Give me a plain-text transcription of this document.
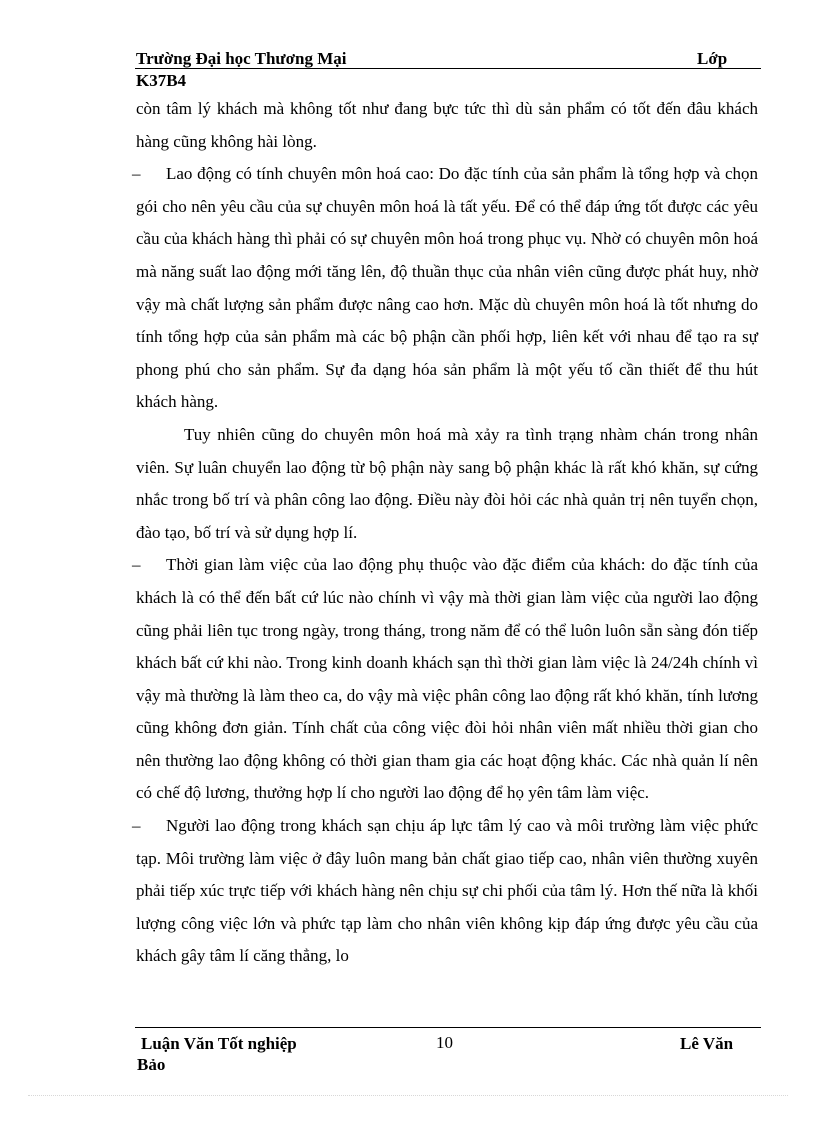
Trường Đại học Thương Mại	Lớp
K37B4

còn tâm lý khách mà không tốt như đang bực tức thì dù sản phẩm có tốt đến đâu khách hàng cũng không hài lòng.

– Lao động có tính chuyên môn hoá cao: Do đặc tính của sản phẩm là tổng hợp và chọn gói cho nên yêu cầu của sự chuyên môn hoá là tất yếu. Để có thể đáp ứng tốt được các yêu cầu của khách hàng thì phải có sự chuyên môn hoá trong phục vụ. Nhờ có chuyên môn hoá mà năng suất lao động mới tăng lên, độ thuần thục của nhân viên cũng được phát huy, nhờ vậy mà chất lượng sản phẩm được nâng cao hơn. Mặc dù chuyên môn hoá là tốt nhưng do tính tổng hợp của sản phẩm mà các bộ phận cần phối hợp, liên kết với nhau để tạo ra sự phong phú cho sản phẩm. Sự đa dạng hóa sản phẩm là một yếu tố cần thiết để thu hút khách hàng.

Tuy nhiên cũng do chuyên môn hoá mà xảy ra tình trạng nhàm chán trong nhân viên. Sự luân chuyển lao động từ bộ phận này sang bộ phận khác là rất khó khăn, sự cứng nhắc trong bố trí và phân công lao động. Điều này đòi hỏi các nhà quản trị nên tuyển chọn, đào tạo, bố trí và sử dụng hợp lí.

– Thời gian làm việc của lao động phụ thuộc vào đặc điểm của khách: do đặc tính của khách là có thể đến bất cứ lúc nào chính vì vậy mà thời gian làm việc của người lao động cũng phải liên tục trong ngày, trong tháng, trong năm để có thể luôn luôn sẵn sàng đón tiếp khách bất cứ khi nào. Trong kinh doanh khách sạn thì thời gian làm việc là 24/24h chính vì vậy mà thường là làm theo ca, do vậy mà việc phân công lao động rất khó khăn, tính lương cũng không đơn giản. Tính chất của công việc đòi hỏi nhân viên mất nhiều thời gian cho nên thường lao động không có thời gian tham gia các hoạt động khác. Các nhà quản lí nên có chế độ lương, thưởng hợp lí cho người lao động để họ yên tâm làm việc.

– Người lao động trong khách sạn chịu áp lực tâm lý cao và môi trường làm việc phức tạp. Môi trường làm việc ở đây luôn mang bản chất giao tiếp cao, nhân viên thường xuyên phải tiếp xúc trực tiếp với khách hàng nên chịu sự chi phối của tâm lý. Hơn thế nữa là khối lượng công việc lớn và phức tạp làm cho nhân viên không kịp đáp ứng được yêu cầu của khách gây tâm lí căng thẳng, lo

Luận Văn Tốt nghiệp	10	Lê Văn
Bảo
